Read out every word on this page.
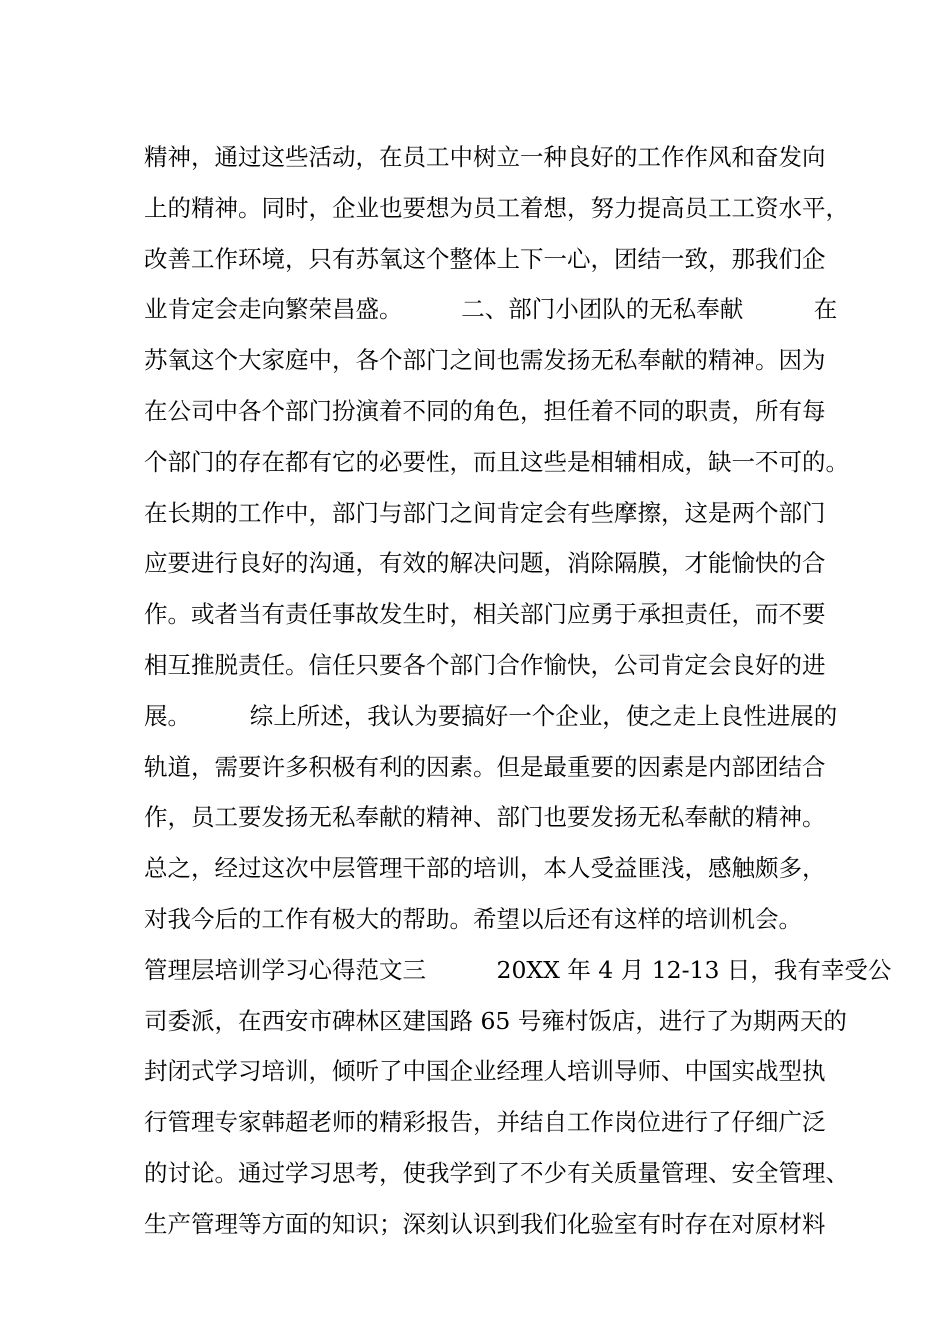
精神，通过这些活动，在员工中树立一种良好的工作作风和奋发向
上的精神。同时，企业也要想为员工着想，努力提高员工工资水平，
改善工作环境，只有苏氧这个整体上下一心，团结一致，那我们企
业肯定会走向繁荣昌盛。　　　二、部门小团队的无私奉献　　　在
苏氧这个大家庭中，各个部门之间也需发扬无私奉献的精神。因为
在公司中各个部门扮演着不同的角色，担任着不同的职责，所有每
个部门的存在都有它的必要性，而且这些是相辅相成，缺一不可的。
在长期的工作中，部门与部门之间肯定会有些摩擦，这是两个部门
应要进行良好的沟通，有效的解决问题，消除隔膜，才能愉快的合
作。或者当有责任事故发生时，相关部门应勇于承担责任，而不要
相互推脱责任。信任只要各个部门合作愉快，公司肯定会良好的进
展。　　　综上所述，我认为要搞好一个企业，使之走上良性进展的
轨道，需要许多积极有利的因素。但是最重要的因素是内部团结合
作，员工要发扬无私奉献的精神、部门也要发扬无私奉献的精神。
总之，经过这次中层管理干部的培训，本人受益匪浅，感触颇多，
对我今后的工作有极大的帮助。希望以后还有这样的培训机会。
管理层培训学习心得范文三　　　20XX 年 4 月 12-13 日，我有幸受公
司委派，在西安市碑林区建国路 65 号雍村饭店，进行了为期两天的
封闭式学习培训，倾听了中国企业经理人培训导师、中国实战型执
行管理专家韩超老师的精彩报告，并结自工作岗位进行了仔细广泛
的讨论。通过学习思考，使我学到了不少有关质量管理、安全管理、
生产管理等方面的知识；深刻认识到我们化验室有时存在对原材料
